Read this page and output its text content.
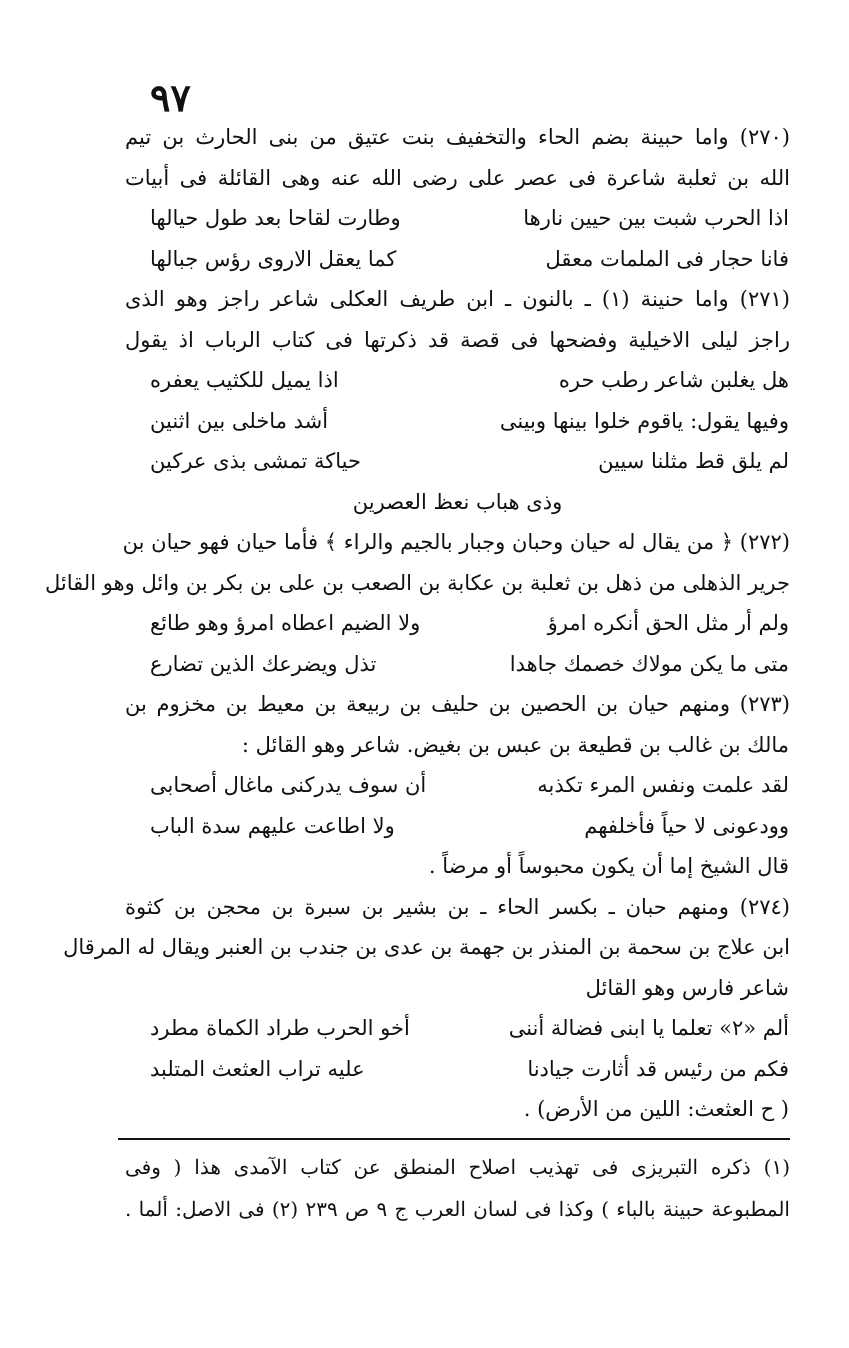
٩٧
(٢٧٠) واما حبينة بضم الحاء والتخفيف بنت عتيق من بنى الحارث بن تيم
الله بن ثعلبة شاعرة فى عصر على رضى الله عنه وهى القائلة فى أبيات
اذا الحرب شبت بين حيين نارها
وطارت لقاحا بعد طول حيالها
فانا حجار فى الملمات معقل
كما يعقل الاروى رؤس جبالها
(٢٧١) واما حنينة (١) ـ بالنون ـ ابن طريف العكلى شاعر راجز وهو الذى
راجز ليلى الاخيلية وفضحها فى قصة قد ذكرتها فى كتاب الرباب اذ يقول
هل يغلبن شاعر رطب حره
اذا يميل للكثيب يعفره
وفيها يقول: ياقوم خلوا بينها وبينى
أشد ماخلى بين اثنين
لم يلق قط مثلنا سيين
حياكة تمشى بذى عركين
وذى هباب نعظ العصرين
(٢٧٢) ﴿ من يقال له حيان وحبان وجبار بالجيم والراء ﴾ فأما حيان فهو حيان بن
جرير الذهلى من ذهل بن ثعلبة بن عكابة بن الصعب بن على بن بكر بن وائل وهو القائل
ولم أر مثل الحق أنكره امرؤ
ولا الضيم اعطاه امرؤ وهو طائع
متى ما يكن مولاك خصمك جاهدا
تذل ويضرعك الذين تضارع
(٢٧٣) ومنهم حيان بن الحصين بن حليف بن ربيعة بن معيط بن مخزوم بن
مالك بن غالب بن قطيعة بن عبس بن بغيض. شاعر وهو القائل :
لقد علمت ونفس المرء تكذبه
أن سوف يدركنى ماغال أصحابى
وودعونى لا حياً فأخلفهم
ولا اطاعت عليهم سدة الباب
قال الشيخ إما أن يكون محبوساً أو مرضاً .
(٢٧٤) ومنهم حبان ـ بكسر الحاء ـ بن بشير بن سبرة بن محجن بن كثوة
ابن علاج بن سحمة بن المنذر بن جهمة بن عدى بن جندب بن العنبر ويقال له المرقال
شاعر فارس وهو القائل
ألم «٢» تعلما يا ابنى فضالة أننى
أخو الحرب طراد الكماة مطرد
فكم من رئيس قد أثارت جيادنا
عليه تراب العثعث المتلبد
( ح العثعث: اللين من الأرض) .
(١) ذكره التبريزى فى تهذيب اصلاح المنطق عن كتاب الآمدى هذا ( وفى
المطبوعة حبينة بالباء ) وكذا فى لسان العرب ج ٩ ص ٢٣٩ (٢) فى الاصل: ألما .
